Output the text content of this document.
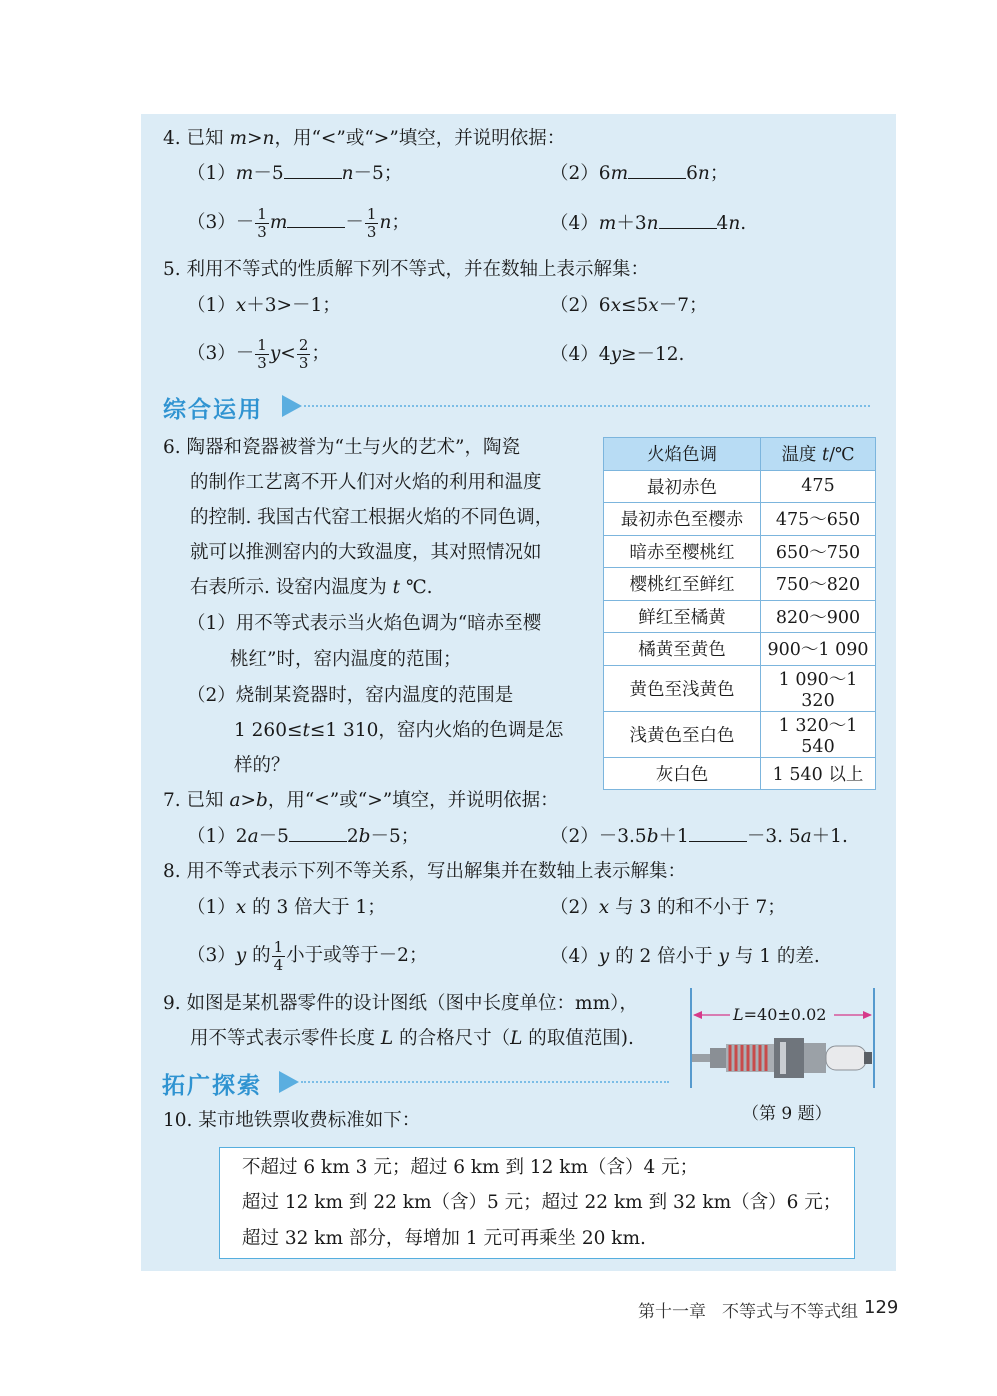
4. 已知 m>n，用“<”或“>”填空，并说明依据：
（1）m－5	n－5；	（2）6m	6n；
$(3)- \frac{1}{3}$ m	－ $\frac{1}{3}$ n；	（4）m＋3n	4n.
5. 利用不等式的性质解下列不等式，并在数轴上表示解集：
（1）x＋3>－1；	（2）6x≤5x－7；
$(3)- \frac{1}{3} y< \frac{2}{3}$ ；	（4）4y≥－12.
综合运用
6. 陶器和瓷器被誉为“土与火的艺术”，陶瓷
的制作工艺离不开人们对火焰的利用和温度
的控制. 我国古代窑工根据火焰的不同色调，
就可以推测窑内的大致温度，其对照情况如
右表所示. 设窑内温度为 t ℃.
（1）用不等式表示当火焰色调为“暗赤至樱
桃红”时，窑内温度的范围；
（2）烧制某瓷器时，窑内温度的范围是
1 260≤t≤1 310，窑内火焰的色调是怎
样的？
火焰色调	温度 t/℃
最初赤色	475
最初赤色至樱赤	475～650
暗赤至樱桃红	650～750
樱桃红至鲜红	750～820
鲜红至橘黄	820～900
橘黄至黄色	900～1 090
黄色至浅黄色	1 090～1 320
浅黄色至白色	1 320～1 540
灰白色	1 540 以上
7. 已知 a>b，用“<”或“>”填空，并说明依据：
（1）2a－5	2b－5；	（2）－3.5b＋1	－3. 5a＋1.
8. 用不等式表示下列不等关系，写出解集并在数轴上表示解集：
（1）x 的 3 倍大于 1；	（2）x 与 3 的和不小于 7；
（3）y 的 $\frac{1}{4}$ 小于或等于－2；	（4）y 的 2 倍小于 y 与 1 的差.
9. 如图是某机器零件的设计图纸（图中长度单位：mm），
用不等式表示零件长度 L 的合格尺寸（L 的取值范围).
L=40±0.02
（第 9 题）
拓广探索
10. 某市地铁票收费标准如下：
不超过 6 km 3 元；超过 6 km 到 12 km（含）4 元；
超过 12 km 到 22 km（含）5 元；超过 22 km 到 32 km（含）6 元；
超过 32 km 部分，每增加 1 元可再乘坐 20 km.
第十一章 不等式与不等式组 129
